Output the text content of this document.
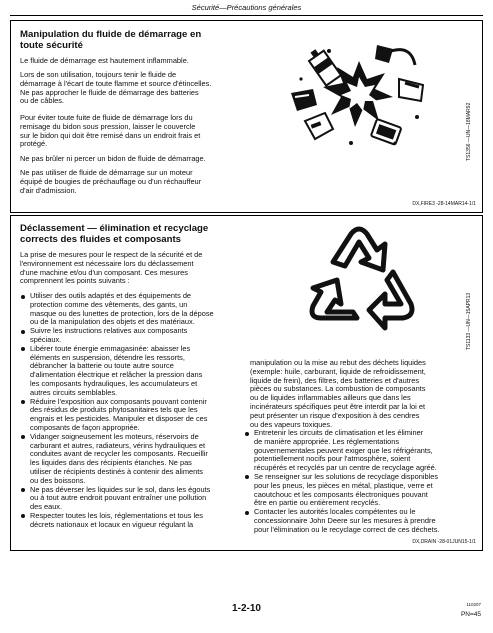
Sécurité—Précautions générales
Manipulation du fluide de démarrage en
toute sécurité

Le fluide de démarrage est hautement inflammable.

Lors de son utilisation, toujours tenir le fluide de
démarrage à l'écart de toute flamme et source d'étincelles.
Ne pas approcher le fluide de démarrage des batteries
ou de câbles.

Pour éviter toute fuite de fluide de démarrage lors du
remisage du bidon sous pression, laisser le couvercle
sur le bidon qui doit être remisé dans un endroit frais et
protégé.

Ne pas brûler ni percer un bidon de fluide de démarrage.

Ne pas utiliser de fluide de démarrage sur un moteur
équipé de bougies de préchauffage ou d'un réchauffeur
d'air d'admission.

TS1356 —UN—18MAR92
DX,FIRE3 -28-14MAR14-1/1
Déclassement — élimination et recyclage
corrects des fluides et composants

La prise de mesures pour le respect de la sécurité et de
l'environnement est nécessaire lors du déclassement
d'une machine et/ou d'un composant. Ces mesures
comprennent les points suivants :

Utiliser des outils adaptés et des équipements de
protection comme des vêtements, des gants, un
masque ou des lunettes de protection, lors de la dépose
ou de la manipulation des objets et des matériaux.
Suivre les instructions relatives aux composants
spéciaux.
Libérer toute énergie emmagasinée: abaisser les
éléments en suspension, détendre les ressorts,
débrancher la batterie ou toute autre source
d'alimentation électrique et relâcher la pression dans
les composants hydrauliques, les accumulateurs et
autres circuits semblables.
Réduire l'exposition aux composants pouvant contenir
des résidus de produits phytosanitaires tels que les
engrais et les pesticides. Manipuler et disposer de ces
composants de façon appropriée.
Vidanger soigneusement les moteurs, réservoirs de
carburant et autres, radiateurs, vérins hydrauliques et
conduites avant de recycler les composants. Recueillir
les liquides dans des récipients étanches. Ne pas
utiliser de récipients destinés à contenir des aliments
ou des boissons.
Ne pas déverser les liquides sur le sol, dans les égouts
ou à tout autre endroit pouvant entraîner une pollution
des eaux.
Respecter toutes les lois, réglementations et tous les
décrets nationaux et locaux en vigueur régulant la
TS1133 —UN—15APR13

manipulation ou la mise au rebut des déchets liquides
(exemple: huile, carburant, liquide de refroidissement,
liquide de frein), des filtres, des batteries et d'autres
pièces ou substances. La combustion de composants
ou de liquides inflammables ailleurs que dans les
incinérateurs spécifiques peut être interdit par la loi et
peut présenter un risque d'exposition à des cendres
ou des vapeurs toxiques.

Entretenir les circuits de climatisation et les éliminer
de manière appropriée. Les réglementations
gouvernementales peuvent exiger que les réfrigérants,
potentiellement nocifs pour l'atmosphère, soient
récupérés et recyclés par un centre de recyclage agréé.
Se renseigner sur les solutions de recyclage disponibles
pour les pneus, les pièces en métal, plastique, verre et
caoutchouc et les composants électroniques pouvant
être en partie ou entièrement recyclés.
Contacter les autorités locales compétentes ou le
concessionnaire John Deere sur les mesures à prendre
pour l'élimination ou le recyclage correct de ces déchets.
DX,DRAIN -28-01JUN15-1/1
1-2-10	110207
PN=45
